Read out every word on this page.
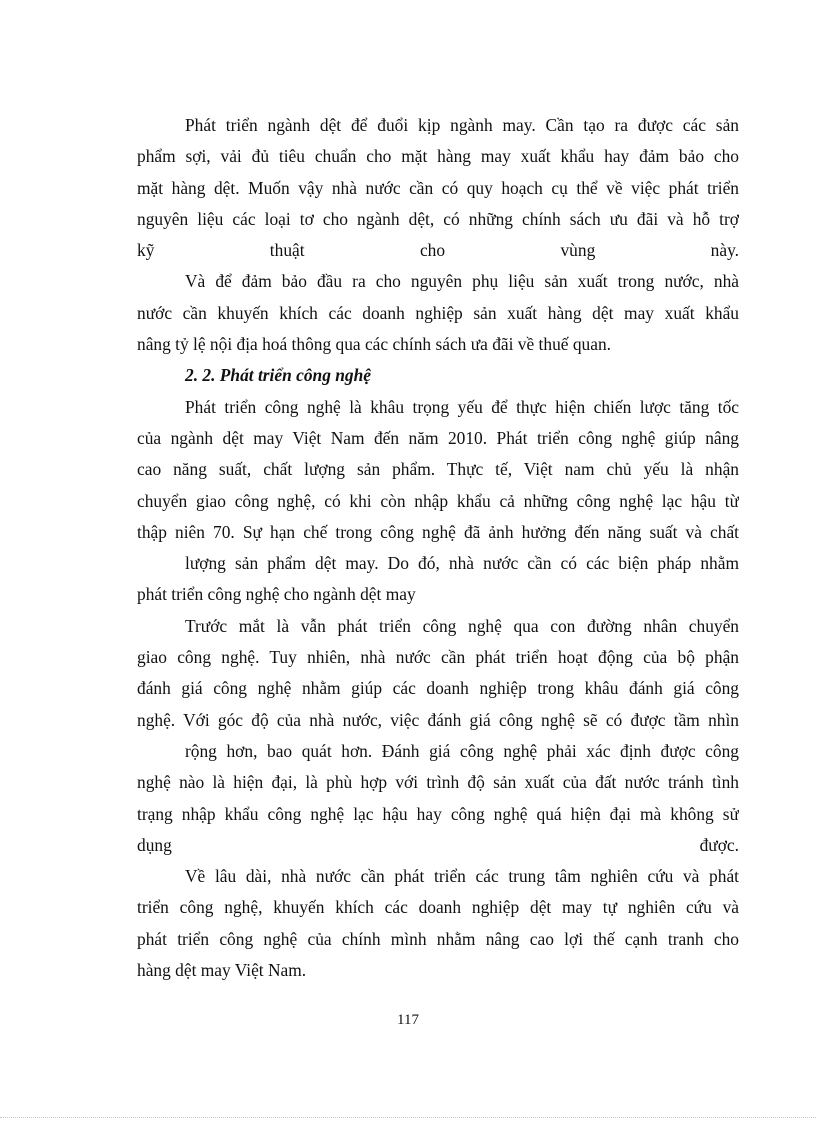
Phát triển ngành dệt để đuổi kịp ngành may. Cần tạo ra được các sản
phẩm sợi, vải đủ tiêu chuẩn cho mặt hàng may xuất khẩu hay đảm bảo cho
mặt hàng dệt. Muốn vậy nhà nước cần có quy hoạch cụ thể về việc phát triển
nguyên liệu các loại tơ cho ngành dệt, có những chính sách ưu đãi và hỗ trợ
kỹ thuật cho vùng này.
Và để đảm bảo đầu ra cho nguyên phụ liệu sản xuất trong nước, nhà
nước cần khuyến khích các doanh nghiệp sản xuất hàng dệt may xuất khẩu
nâng tỷ lệ nội địa hoá thông qua các chính sách ưa đãi về thuế quan.
2. 2. Phát triển công nghệ
Phát triển công nghệ là khâu trọng yếu để thực hiện chiến lược tăng tốc
của ngành dệt may Việt Nam đến năm 2010. Phát triển công nghệ giúp nâng
cao năng suất, chất lượng sản phẩm. Thực tế, Việt nam chủ yếu là nhận
chuyển giao công nghệ, có khi còn nhập khẩu cả những công nghệ lạc hậu từ
thập niên 70. Sự hạn chế trong công nghệ đã ảnh hưởng đến năng suất và chất
lượng sản phẩm dệt may. Do đó, nhà nước cần có các biện pháp nhằm
phát triển công nghệ cho ngành dệt may
Trước mắt là vẫn phát triển công nghệ qua con đường nhân chuyển
giao công nghệ. Tuy nhiên, nhà nước cần phát triển hoạt động của bộ phận
đánh giá công nghệ nhằm giúp các doanh nghiệp trong khâu đánh giá công
nghệ. Với góc độ của nhà nước, việc đánh giá công nghệ sẽ có được tầm nhìn
rộng hơn, bao quát hơn. Đánh giá công nghệ phải xác định được công
nghệ nào là hiện đại, là phù hợp với trình độ sản xuất của đất nước tránh tình
trạng nhập khẩu công nghệ lạc hậu hay công nghệ quá hiện đại mà không sử
dụng được.
Về lâu dài, nhà nước cần phát triển các trung tâm nghiên cứu và phát
triển công nghệ, khuyến khích các doanh nghiệp dệt may tự nghiên cứu và
phát triển công nghệ của chính mình nhằm nâng cao lợi thế cạnh tranh cho
hàng dệt may Việt Nam.
117
